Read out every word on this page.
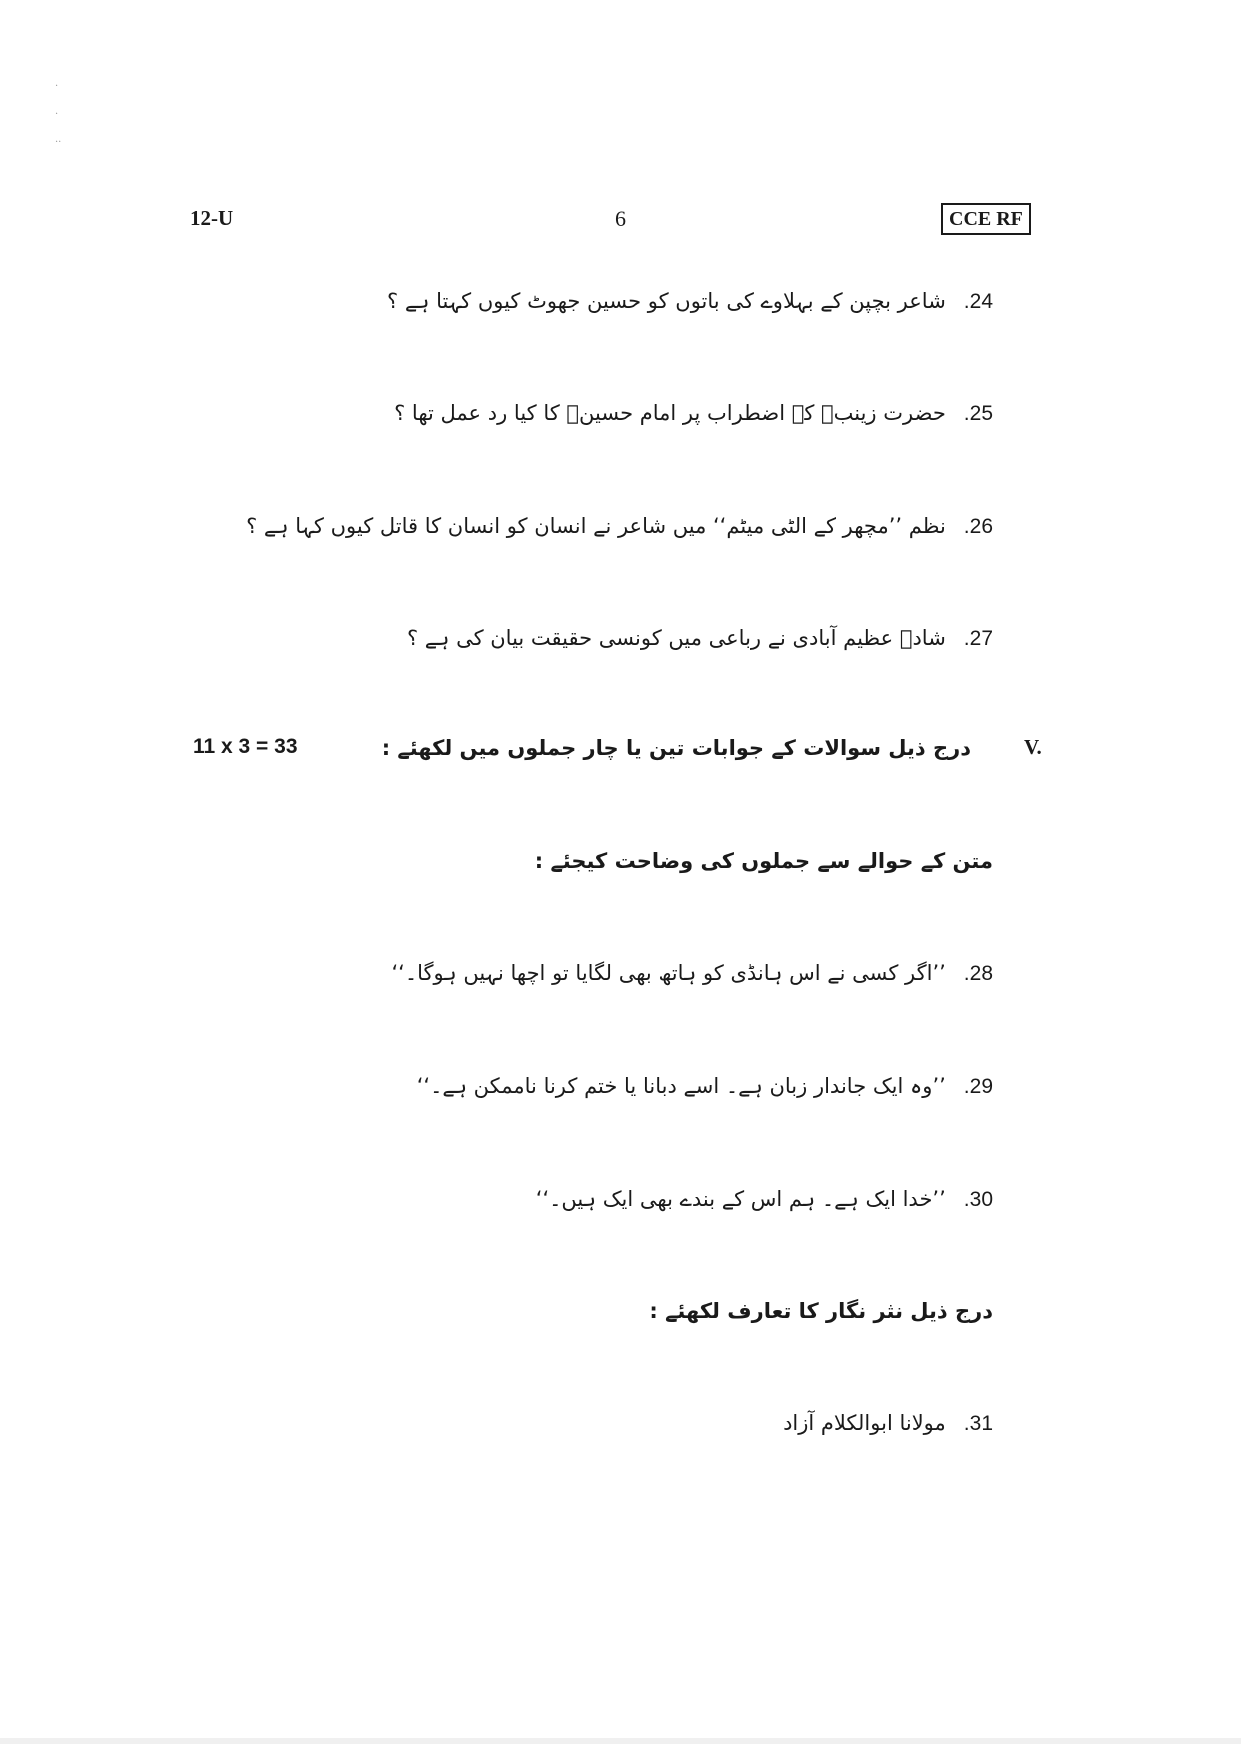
.
.
..
12-U	6	CCE RF
24.شاعر بچپن کے بہلاوے کی باتوں کو حسین جھوٹ کیوں کہتا ہے ؟
25.حضرت زینبؓ کے اضطراب پر امام حسینؓ کا کیا رد عمل تھا ؟
26.نظم ’’مچھر کے الٹی میٹم‘‘ میں شاعر نے انسان کو انسان کا قاتل کیوں کہا ہے ؟
27.شادؔ عظیم آبادی نے رباعی میں کونسی حقیقت بیان کی ہے ؟
V.
درج ذیل سوالات کے جوابات تین یا چار جملوں میں لکھئے :
11 x 3 = 33
متن کے حوالے سے جملوں کی وضاحت کیجئے :
28.’’اگر کسی نے اس ہانڈی کو ہاتھ بھی لگایا تو اچھا نہیں ہوگا۔‘‘
29.’’وہ ایک جاندار زبان ہے۔ اسے دبانا یا ختم کرنا ناممکن ہے۔‘‘
30.’’خدا ایک ہے۔ ہم اس کے بندے بھی ایک ہیں۔‘‘
درج ذیل نثر نگار کا تعارف لکھئے :
31.مولانا ابوالکلام آزاد
